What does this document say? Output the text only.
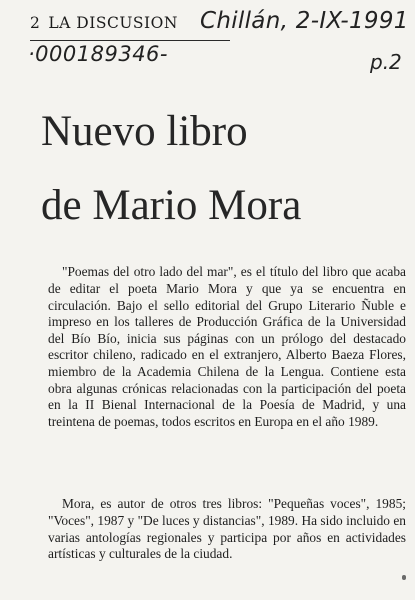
2 LA DISCUSION Chillán, 2-IX-1991
·000189346-	p.2
Nuevo libro
de Mario Mora

"Poemas del otro lado del mar", es el título del libro que acaba de editar el poeta Mario Mora y que ya se encuentra en circulación. Bajo el sello editorial del Grupo Literario Ñuble e impreso en los talleres de Producción Gráfica de la Universidad del Bío Bío, inicia sus páginas con un prólogo del destacado escritor chileno, radicado en el extranjero, Alberto Baeza Flores, miembro de la Academia Chilena de la Lengua. Contiene esta obra algunas crónicas relacionadas con la participación del poeta en la II Bienal Internacional de la Poesía de Madrid, y una treintena de poemas, todos escritos en Europa en el año 1989.

Mora, es autor de otros tres libros: "Pequeñas voces", 1985; "Voces", 1987 y "De luces y distancias", 1989. Ha sido incluido en varias antologías regionales y participa por años en actividades artísticas y culturales de la ciudad.
